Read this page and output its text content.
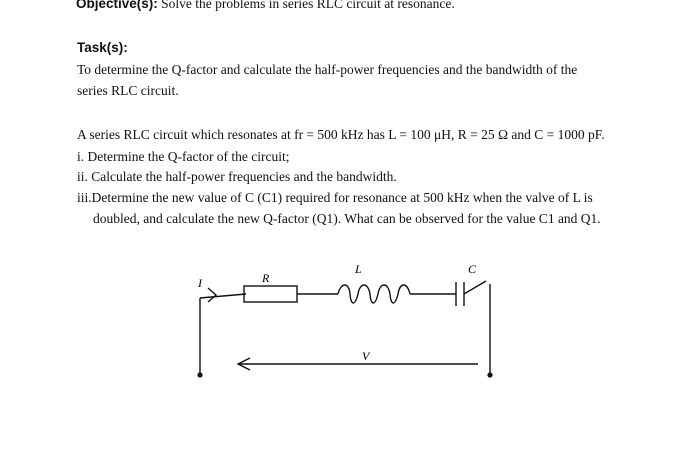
Objective(s): Solve the problems in series RLC circuit at resonance.
Task(s):
To determine the Q-factor and calculate the half-power frequencies and the bandwidth of the
series RLC circuit.
A series RLC circuit which resonates at fr = 500 kHz has L = 100 μH, R = 25 Ω and C = 1000 pF.
i. Determine the Q-factor of the circuit;
ii. Calculate the half-power frequencies and the bandwidth.
iii.Determine the new value of C (C1) required for resonance at 500 kHz when the valve of L is
doubled, and calculate the new Q-factor (Q1). What can be observed for the value C1 and Q1.
I	R
L	C
V
